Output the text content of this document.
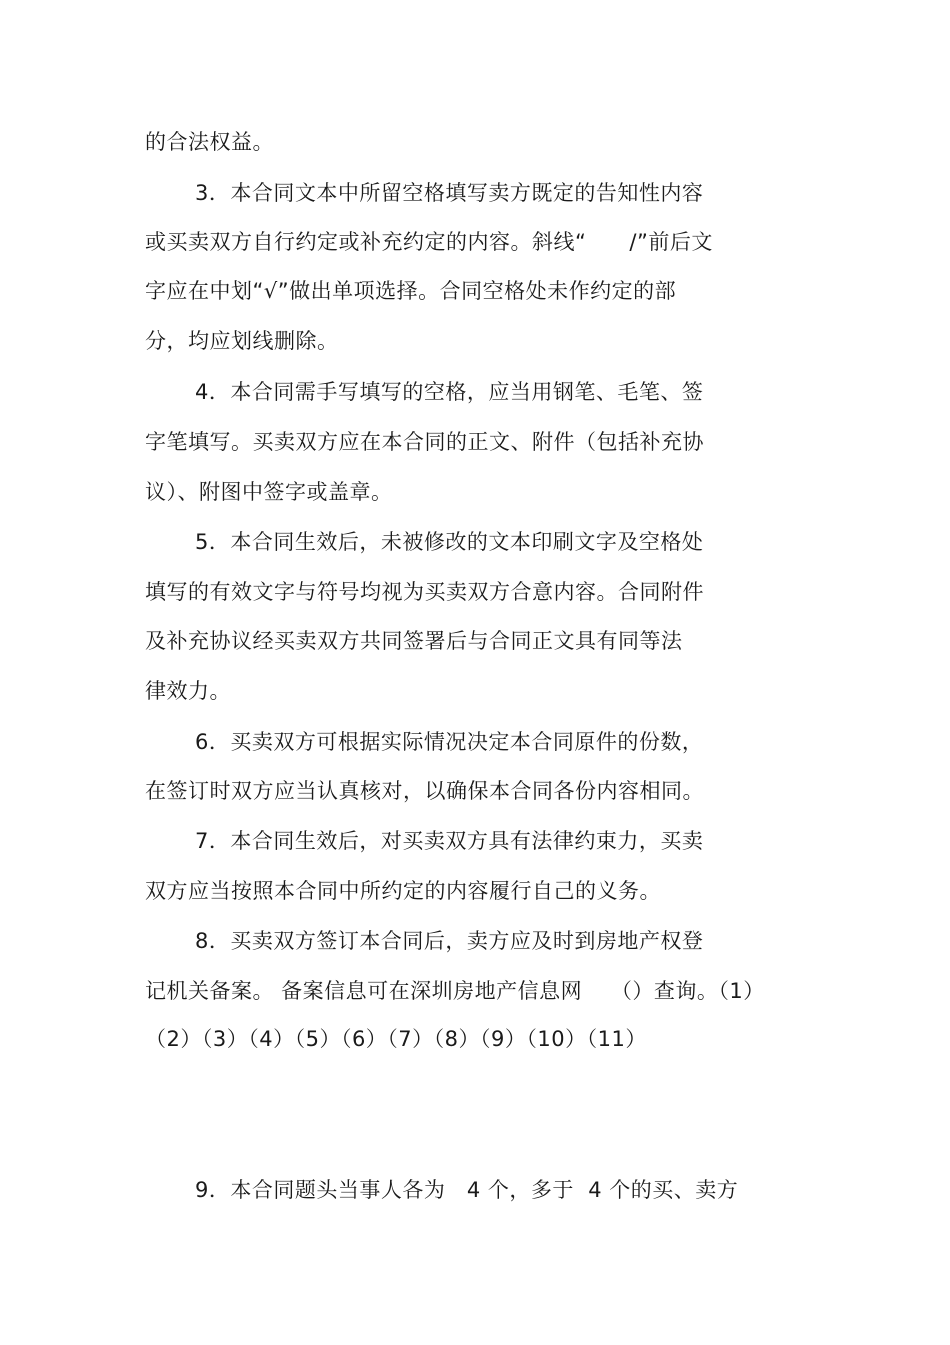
的合法权益。
3．本合同文本中所留空格填写卖方既定的告知性内容
或买卖双方自行约定或补充约定的内容。斜线“      /”前后文
字应在中划“√”做出单项选择。合同空格处未作约定的部
分，均应划线删除。
4．本合同需手写填写的空格，应当用钢笔、毛笔、签
字笔填写。买卖双方应在本合同的正文、附件（包括补充协
议）、附图中签字或盖章。
5．本合同生效后，未被修改的文本印刷文字及空格处
填写的有效文字与符号均视为买卖双方合意内容。合同附件
及补充协议经买卖双方共同签署后与合同正文具有同等法
律效力。
6．买卖双方可根据实际情况决定本合同原件的份数，
在签订时双方应当认真核对，以确保本合同各份内容相同。
7．本合同生效后，对买卖双方具有法律约束力，买卖
双方应当按照本合同中所约定的内容履行自己的义务。
8．买卖双方签订本合同后，卖方应及时到房地产权登
记机关备案。 备案信息可在深圳房地产信息网    （）查询。（1）
（2）（3）（4）（5）（6）（7）（8）（9）（10）（11）
9．本合同题头当事人各为   4 个，多于  4 个的买、卖方
